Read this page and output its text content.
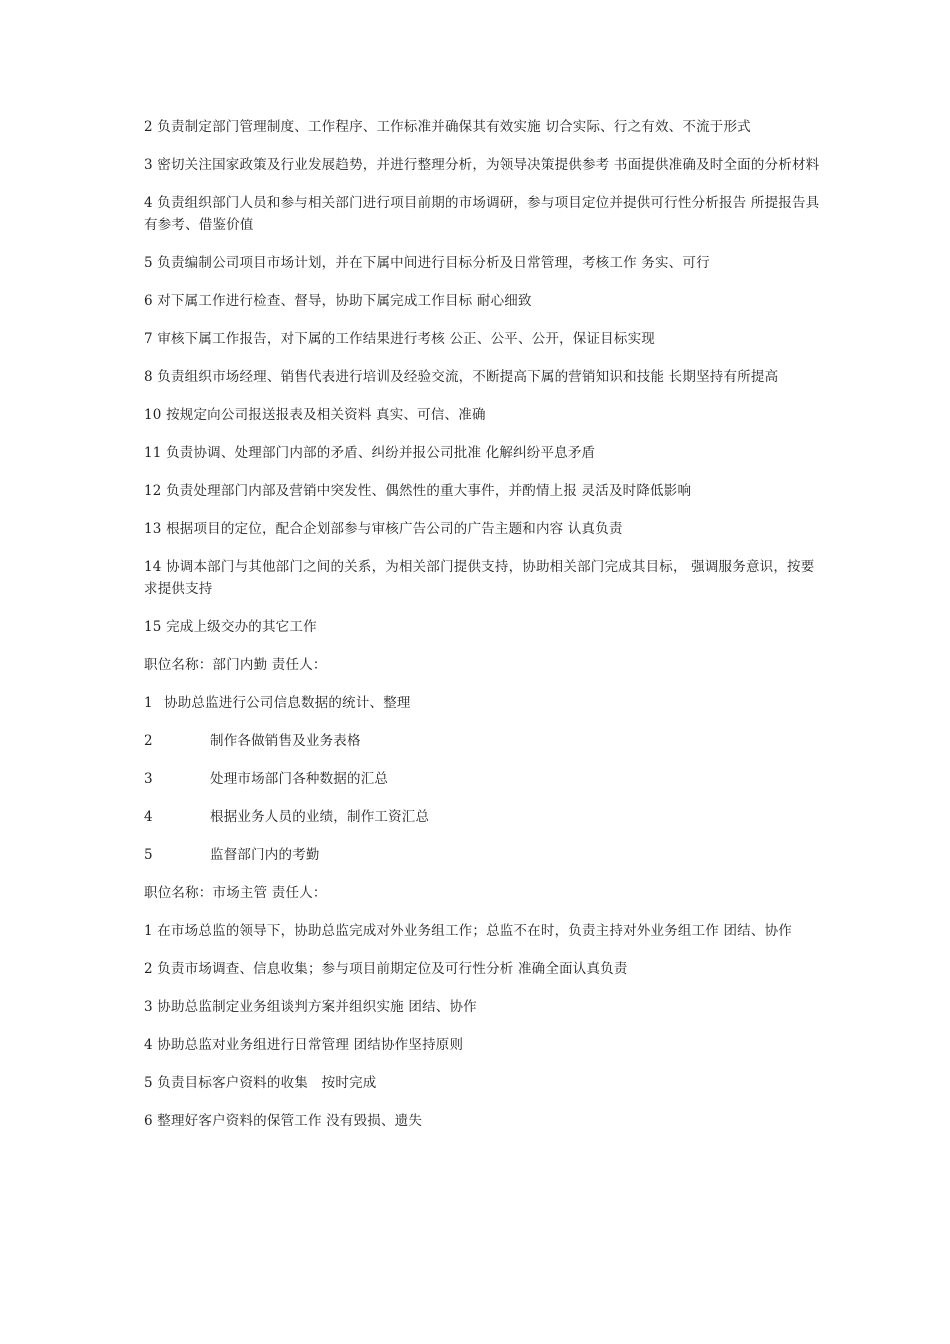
2 负责制定部门管理制度、工作程序、工作标准并确保其有效实施 切合实际、行之有效、不流于形式

3 密切关注国家政策及行业发展趋势，并进行整理分析，为领导决策提供参考 书面提供准确及时全面的分析材料

4 负责组织部门人员和参与相关部门进行项目前期的市场调研，参与项目定位并提供可行性分析报告 所提报告具有参考、借鉴价值

5 负责编制公司项目市场计划，并在下属中间进行目标分析及日常管理，考核工作 务实、可行

6 对下属工作进行检查、督导，协助下属完成工作目标 耐心细致

7 审核下属工作报告，对下属的工作结果进行考核 公正、公平、公开，保证目标实现

8 负责组织市场经理、销售代表进行培训及经验交流，不断提高下属的营销知识和技能 长期坚持有所提高

10 按规定向公司报送报表及相关资料 真实、可信、准确

11 负责协调、处理部门内部的矛盾、纠纷并报公司批准 化解纠纷平息矛盾

12 负责处理部门内部及营销中突发性、偶然性的重大事件，并酌情上报 灵活及时降低影响

13 根据项目的定位，配合企划部参与审核广告公司的广告主题和内容 认真负责

14 协调本部门与其他部门之间的关系，为相关部门提供支持，协助相关部门完成其目标， 强调服务意识，按要求提供支持

15 完成上级交办的其它工作

职位名称：部门内勤 责任人：

1 协助总监进行公司信息数据的统计、整理

2	制作各做销售及业务表格

3	处理市场部门各种数据的汇总

4	根据业务人员的业绩，制作工资汇总

5	监督部门内的考勤

职位名称：市场主管 责任人：

1 在市场总监的领导下，协助总监完成对外业务组工作；总监不在时，负责主持对外业务组工作 团结、协作

2 负责市场调查、信息收集；参与项目前期定位及可行性分析 准确全面认真负责

3 协助总监制定业务组谈判方案并组织实施 团结、协作

4 协助总监对业务组进行日常管理 团结协作坚持原则

5 负责目标客户资料的收集　按时完成

6 整理好客户资料的保管工作 没有毁损、遗失
